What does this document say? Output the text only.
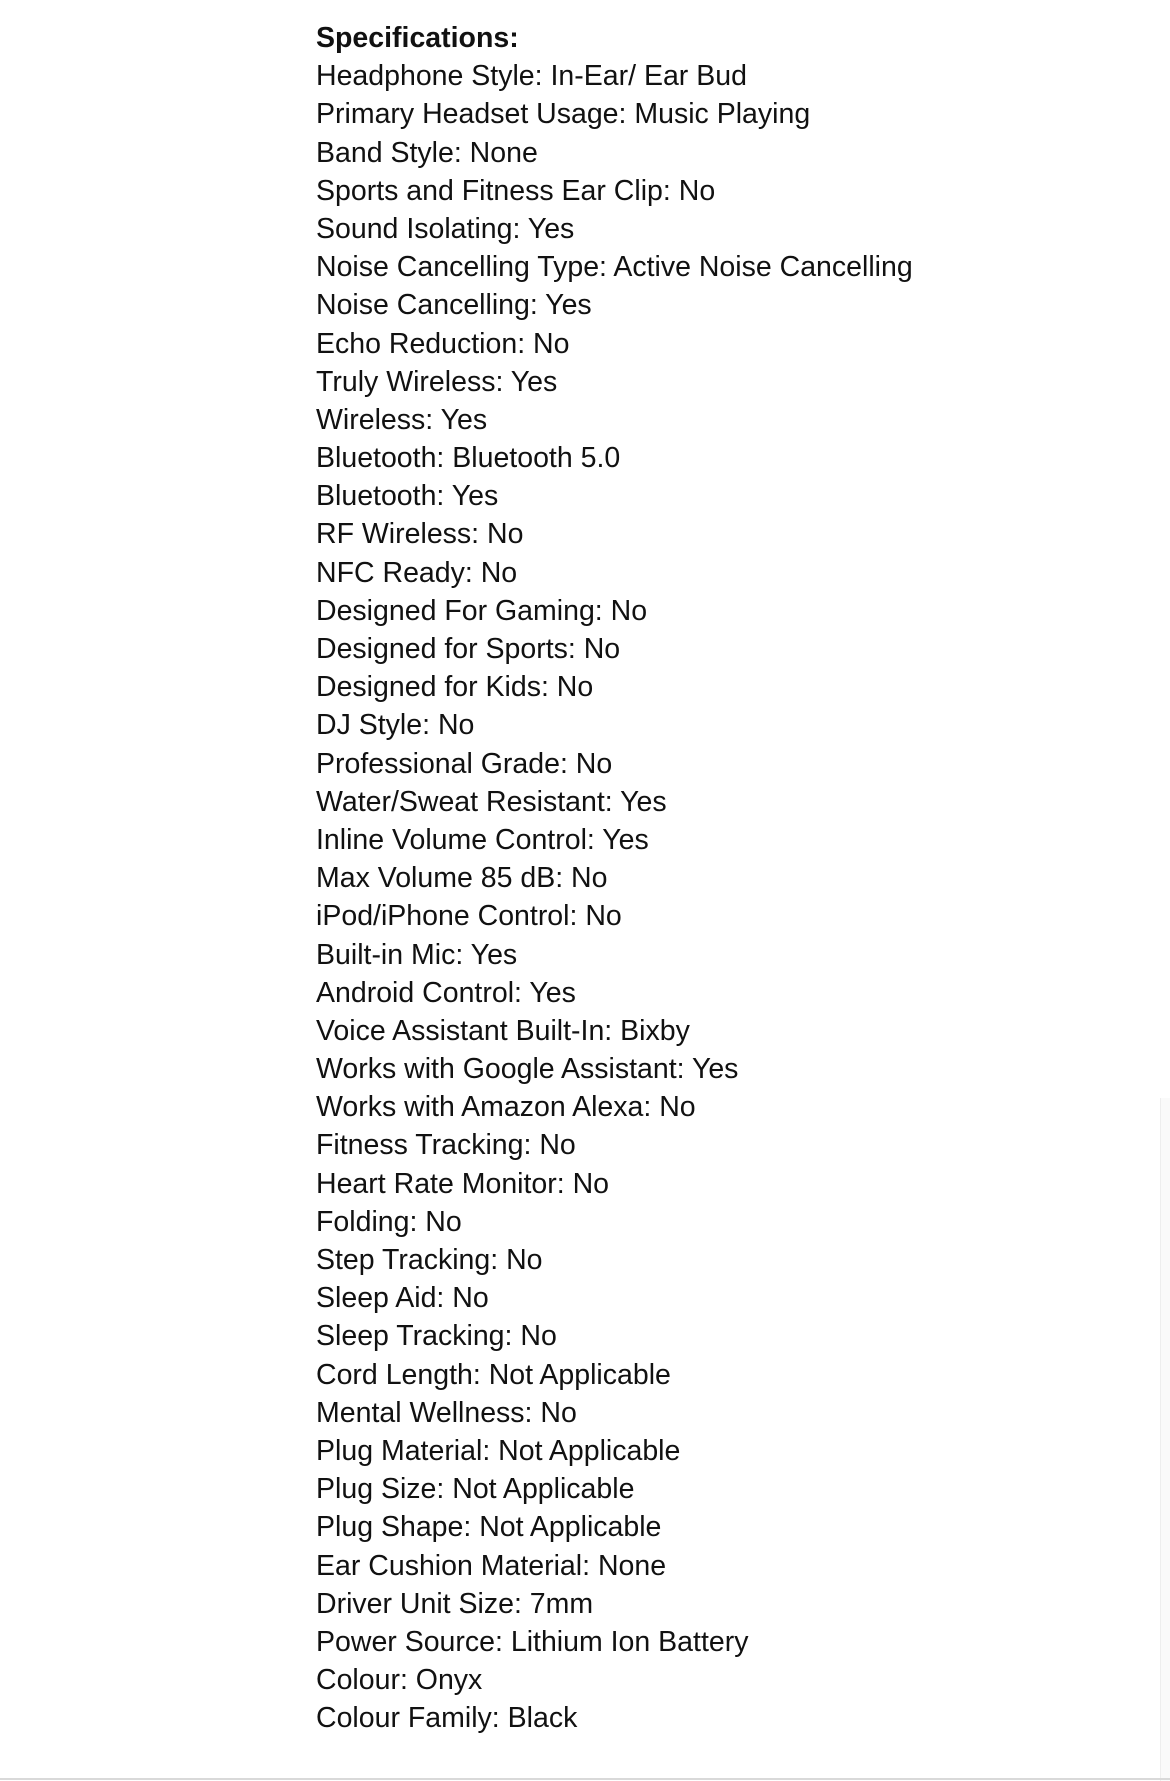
Specifications:
Headphone Style: In-Ear/ Ear Bud
Primary Headset Usage: Music Playing
Band Style: None
Sports and Fitness Ear Clip: No
Sound Isolating: Yes
Noise Cancelling Type: Active Noise Cancelling
Noise Cancelling: Yes
Echo Reduction: No
Truly Wireless: Yes
Wireless: Yes
Bluetooth: Bluetooth 5.0
Bluetooth: Yes
RF Wireless: No
NFC Ready: No
Designed For Gaming: No
Designed for Sports: No
Designed for Kids: No
DJ Style: No
Professional Grade: No
Water/Sweat Resistant: Yes
Inline Volume Control: Yes
Max Volume 85 dB: No
iPod/iPhone Control: No
Built-in Mic: Yes
Android Control: Yes
Voice Assistant Built-In: Bixby
Works with Google Assistant: Yes
Works with Amazon Alexa: No
Fitness Tracking: No
Heart Rate Monitor: No
Folding: No
Step Tracking: No
Sleep Aid: No
Sleep Tracking: No
Cord Length: Not Applicable
Mental Wellness: No
Plug Material: Not Applicable
Plug Size: Not Applicable
Plug Shape: Not Applicable
Ear Cushion Material: None
Driver Unit Size: 7mm
Power Source: Lithium Ion Battery
Colour: Onyx
Colour Family: Black
